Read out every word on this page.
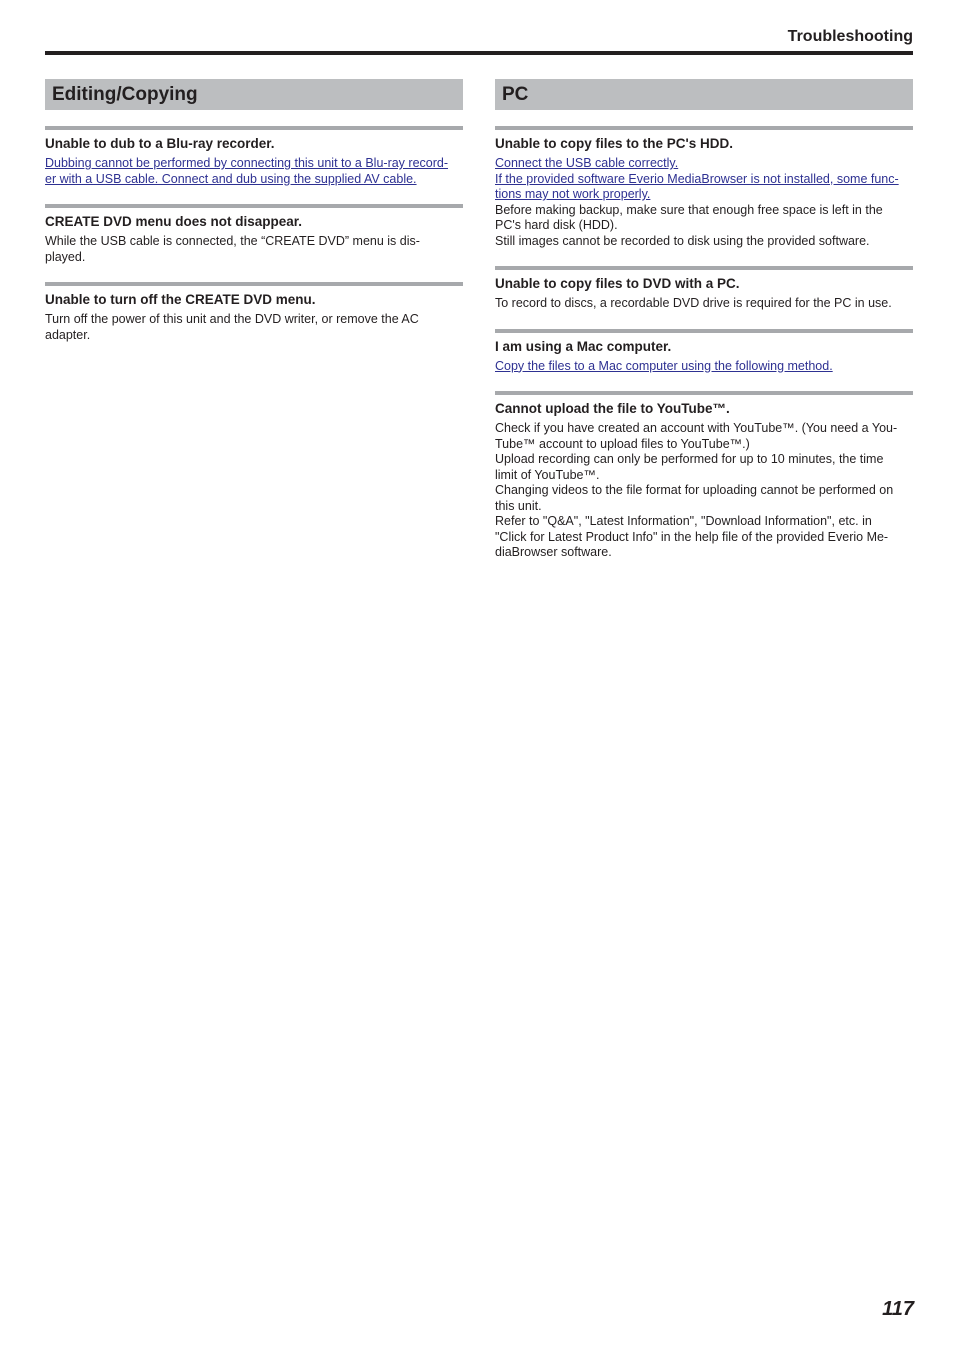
Troubleshooting
Editing/Copying
Unable to dub to a Blu-ray recorder.
Dubbing cannot be performed by connecting this unit to a Blu-ray record-
er with a USB cable. Connect and dub using the supplied AV cable.
CREATE DVD menu does not disappear.
While the USB cable is connected, the “CREATE DVD” menu is dis-
played.
Unable to turn off the CREATE DVD menu.
Turn off the power of this unit and the DVD writer, or remove the AC
adapter.
PC
Unable to copy files to the PC's HDD.
Connect the USB cable correctly.
If the provided software Everio MediaBrowser is not installed, some func-
tions may not work properly.
Before making backup, make sure that enough free space is left in the
PC's hard disk (HDD).
Still images cannot be recorded to disk using the provided software.
Unable to copy files to DVD with a PC.
To record to discs, a recordable DVD drive is required for the PC in use.
I am using a Mac computer.
Copy the files to a Mac computer using the following method.
Cannot upload the file to YouTube™.
Check if you have created an account with YouTube™. (You need a You-
Tube™ account to upload files to YouTube™.)
Upload recording can only be performed for up to 10 minutes, the time
limit of YouTube™.
Changing videos to the file format for uploading cannot be performed on
this unit.
Refer to "Q&A", "Latest Information", "Download Information", etc. in
"Click for Latest Product Info" in the help file of the provided Everio Me-
diaBrowser software.
117
